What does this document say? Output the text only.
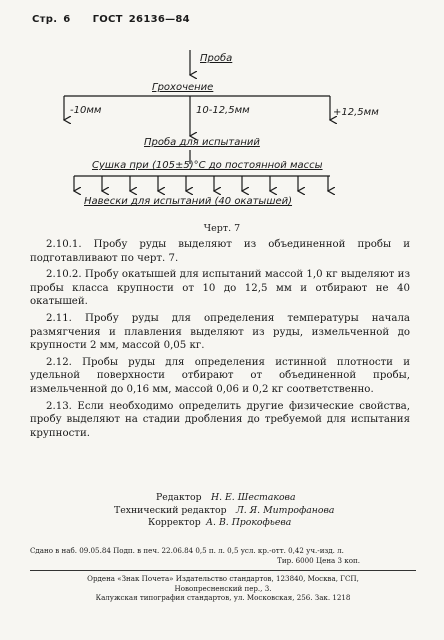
Стр. 6 ГОСТ 26136—84
Проба
Грохочение
-10мм	10-12,5мм	+12,5мм
Проба для испытаний
Сушка при (105±5)°С до постоянной массы
Навески для испытаний (40 окатышей)
Черт. 7

2.10.1. Пробу руды выделяют из объединенной пробы и подготавливают по черт. 7.

2.10.2. Пробу окатышей для испытаний массой 1,0 кг выделяют из пробы класса крупности от 10 до 12,5 мм и отбирают не 40 окатышей.

2.11. Пробу руды для определения температуры начала размягчения и плавления выделяют из руды, измельченной до крупности 2 мм, массой 0,05 кг.

2.12. Пробы руды для определения истинной плотности и удельной поверхности отбирают от объединенной пробы, измельченной до 0,16 мм, массой 0,06 и 0,2 кг соответственно.

2.13. Если необходимо определить другие физические свойства, пробу выделяют на стадии дробления до требуемой для испытания крупности.

Редактор Н. Е. Шестакова
Технический редактор Л. Я. Митрофанова
Корректор А. В. Прокофьева
Сдано в наб. 09.05.84 Подп. в печ. 22.06.84 0,5 п. л. 0,5 усл. кр.-отт. 0,42 уч.-изд. л.
Тир. 6000 Цена 3 коп.
Ордена «Знак Почета» Издательство стандартов, 123840, Москва, ГСП,
Новопресненский пер., 3.
Калужская типография стандартов, ул. Московская, 256. Зак. 1218
